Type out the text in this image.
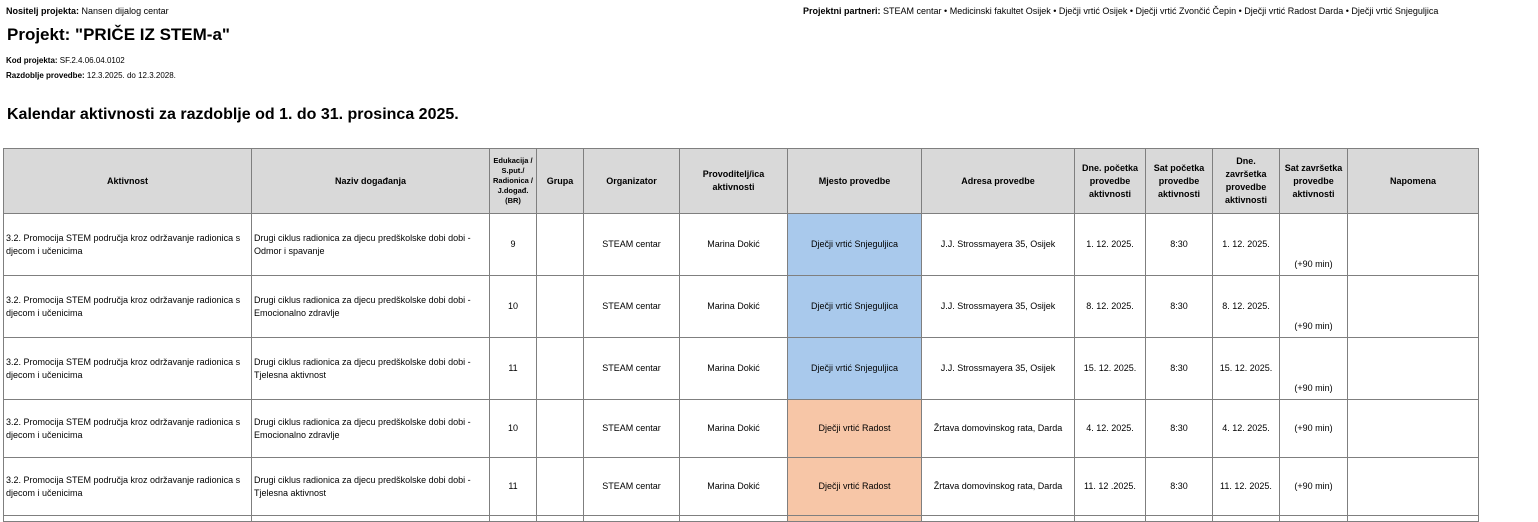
Nositelj projekta: Nansen dijalog centar	Projektni partneri: STEAM centar • Medicinski fakultet Osijek • Dječji vrtić Osijek • Dječji vrtić Zvončić Čepin • Dječji vrtić Radost Darda • Dječji vrtić Snjeguljica
Projekt: "PRIČE IZ STEM-a"
Kod projekta: SF.2.4.06.04.0102
Razdoblje provedbe: 12.3.2025. do 12.3.2028.
Kalendar aktivnosti za razdoblje od 1. do 31. prosinca 2025.
Aktivnost	Naziv događanja	Edukacija / S.put./ Radionica / J.događ. (BR)	Grupa	Organizator	Provoditelj/ica aktivnosti	Mjesto provedbe	Adresa provedbe	Dne. početka provedbe aktivnosti	Sat početka provedbe aktivnosti	Dne. završetka provedbe aktivnosti	Sat završetka provedbe aktivnosti	Napomena
3.2. Promocija STEM područja kroz održavanje radionica s djecom i učenicima	Drugi ciklus radionica za djecu predškolske dobi dobi - Odmor i spavanje	9		STEAM centar	Marina Dokić	Dječji vrtić Snjeguljica	J.J. Strossmayera 35, Osijek	1. 12. 2025.	8:30	1. 12. 2025.	(+90 min)	
3.2. Promocija STEM područja kroz održavanje radionica s djecom i učenicima	Drugi ciklus radionica za djecu predškolske dobi dobi - Emocionalno zdravlje	10		STEAM centar	Marina Dokić	Dječji vrtić Snjeguljica	J.J. Strossmayera 35, Osijek	8. 12. 2025.	8:30	8. 12. 2025.	(+90 min)	
3.2. Promocija STEM područja kroz održavanje radionica s djecom i učenicima	Drugi ciklus radionica za djecu predškolske dobi dobi - Tjelesna aktivnost	11		STEAM centar	Marina Dokić	Dječji vrtić Snjeguljica	J.J. Strossmayera 35, Osijek	15. 12. 2025.	8:30	15. 12. 2025.	(+90 min)	
3.2. Promocija STEM područja kroz održavanje radionica s djecom i učenicima	Drugi ciklus radionica za djecu predškolske dobi dobi - Emocionalno zdravlje	10		STEAM centar	Marina Dokić	Dječji vrtić Radost	Žrtava domovinskog rata, Darda	4. 12. 2025.	8:30	4. 12. 2025.	(+90 min)	
3.2. Promocija STEM područja kroz održavanje radionica s djecom i učenicima	Drugi ciklus radionica za djecu predškolske dobi dobi - Tjelesna aktivnost	11		STEAM centar	Marina Dokić	Dječji vrtić Radost	Žrtava domovinskog rata, Darda	11. 12 .2025.	8:30	11. 12. 2025.	(+90 min)	
